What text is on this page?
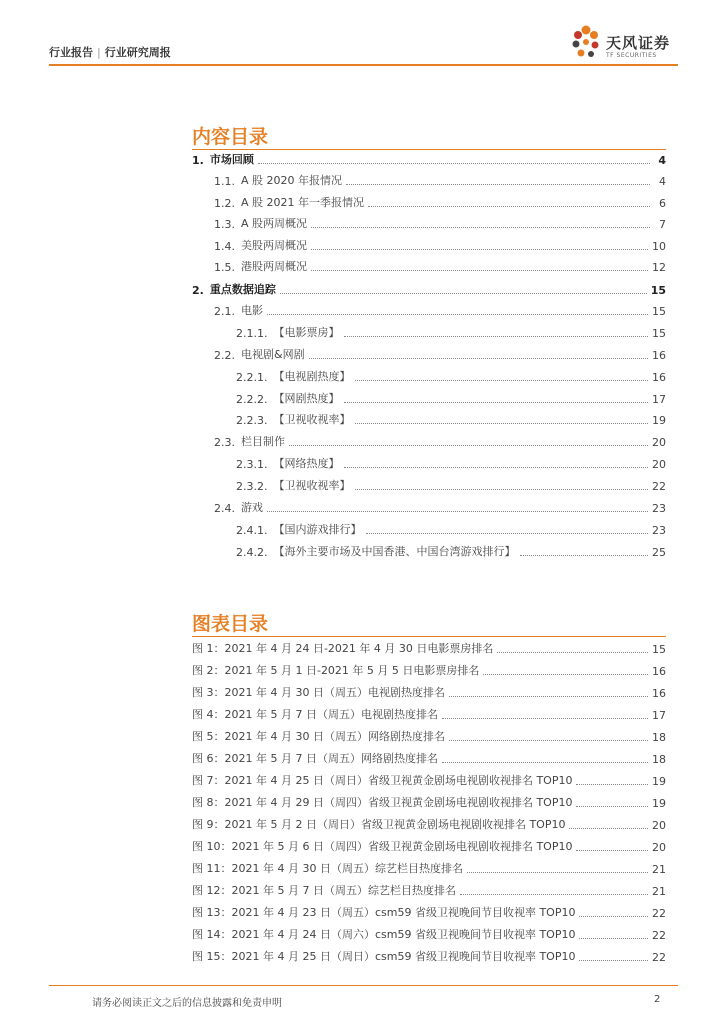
行业报告 | 行业研究周报
天风证券
TF SECURITIES
内容目录
1. 市场回顾	4
1.1. A 股 2020 年报情况	4
1.2. A 股 2021 年一季报情况	6
1.3. A 股两周概况	7
1.4. 美股两周概况	10
1.5. 港股两周概况	12
2. 重点数据追踪	15
2.1. 电影	15
2.1.1. 【电影票房】	15
2.2. 电视剧&网剧	16
2.2.1. 【电视剧热度】	16
2.2.2. 【网剧热度】	17
2.2.3. 【卫视收视率】	19
2.3. 栏目制作	20
2.3.1. 【网络热度】	20
2.3.2. 【卫视收视率】	22
2.4. 游戏	23
2.4.1. 【国内游戏排行】	23
2.4.2. 【海外主要市场及中国香港、中国台湾游戏排行】	25
图表目录
图 1：2021 年 4 月 24 日-2021 年 4 月 30 日电影票房排名	15
图 2：2021 年 5 月 1 日-2021 年 5 月 5 日电影票房排名	16
图 3：2021 年 4 月 30 日（周五）电视剧热度排名	16
图 4：2021 年 5 月 7 日（周五）电视剧热度排名	17
图 5：2021 年 4 月 30 日（周五）网络剧热度排名	18
图 6：2021 年 5 月 7 日（周五）网络剧热度排名	18
图 7：2021 年 4 月 25 日（周日）省级卫视黄金剧场电视剧收视排名 TOP10	19
图 8：2021 年 4 月 29 日（周四）省级卫视黄金剧场电视剧收视排名 TOP10	19
图 9：2021 年 5 月 2 日（周日）省级卫视黄金剧场电视剧收视排名 TOP10	20
图 10：2021 年 5 月 6 日（周四）省级卫视黄金剧场电视剧收视排名 TOP10	20
图 11：2021 年 4 月 30 日（周五）综艺栏目热度排名	21
图 12：2021 年 5 月 7 日（周五）综艺栏目热度排名	21
图 13：2021 年 4 月 23 日（周五）csm59 省级卫视晚间节目收视率 TOP10	22
图 14：2021 年 4 月 24 日（周六）csm59 省级卫视晚间节目收视率 TOP10	22
图 15：2021 年 4 月 25 日（周日）csm59 省级卫视晚间节目收视率 TOP10	22
请务必阅读正文之后的信息披露和免责申明	2
